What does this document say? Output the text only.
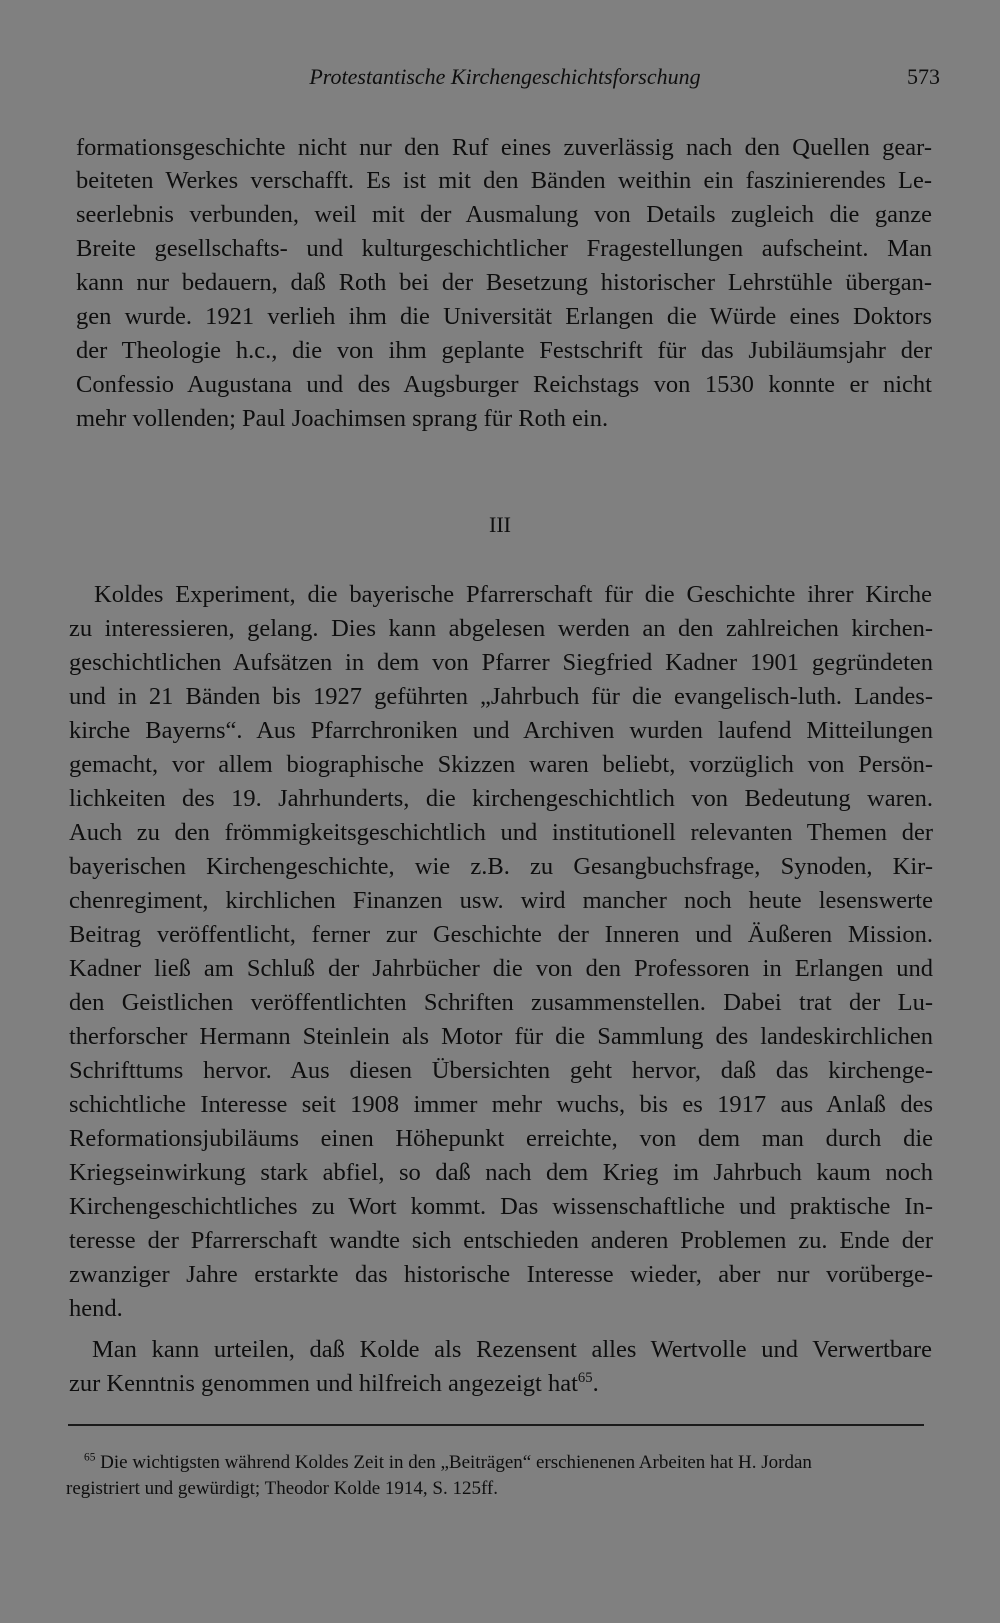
Protestantische Kirchengeschichtsforschung	573
formationsgeschichte nicht nur den Ruf eines zuverlässig nach den Quellen gear-
beiteten Werkes verschafft. Es ist mit den Bänden weithin ein faszinierendes Le-
seerlebnis verbunden, weil mit der Ausmalung von Details zugleich die ganze
Breite gesellschafts- und kulturgeschichtlicher Fragestellungen aufscheint. Man
kann nur bedauern, daß Roth bei der Besetzung historischer Lehrstühle übergan-
gen wurde. 1921 verlieh ihm die Universität Erlangen die Würde eines Doktors
der Theologie h.c., die von ihm geplante Festschrift für das Jubiläumsjahr der
Confessio Augustana und des Augsburger Reichstags von 1530 konnte er nicht
mehr vollenden; Paul Joachimsen sprang für Roth ein.
III
Koldes Experiment, die bayerische Pfarrerschaft für die Geschichte ihrer Kirche
zu interessieren, gelang. Dies kann abgelesen werden an den zahlreichen kirchen-
geschichtlichen Aufsätzen in dem von Pfarrer Siegfried Kadner 1901 gegründeten
und in 21 Bänden bis 1927 geführten „Jahrbuch für die evangelisch-luth. Landes-
kirche Bayerns“. Aus Pfarrchroniken und Archiven wurden laufend Mitteilungen
gemacht, vor allem biographische Skizzen waren beliebt, vorzüglich von Persön-
lichkeiten des 19. Jahrhunderts, die kirchengeschichtlich von Bedeutung waren.
Auch zu den frömmigkeitsgeschichtlich und institutionell relevanten Themen der
bayerischen Kirchengeschichte, wie z.B. zu Gesangbuchsfrage, Synoden, Kir-
chenregiment, kirchlichen Finanzen usw. wird mancher noch heute lesenswerte
Beitrag veröffentlicht, ferner zur Geschichte der Inneren und Äußeren Mission.
Kadner ließ am Schluß der Jahrbücher die von den Professoren in Erlangen und
den Geistlichen veröffentlichten Schriften zusammenstellen. Dabei trat der Lu-
therforscher Hermann Steinlein als Motor für die Sammlung des landeskirchlichen
Schrifttums hervor. Aus diesen Übersichten geht hervor, daß das kirchenge-
schichtliche Interesse seit 1908 immer mehr wuchs, bis es 1917 aus Anlaß des
Reformationsjubiläums einen Höhepunkt erreichte, von dem man durch die
Kriegseinwirkung stark abfiel, so daß nach dem Krieg im Jahrbuch kaum noch
Kirchengeschichtliches zu Wort kommt. Das wissenschaftliche und praktische In-
teresse der Pfarrerschaft wandte sich entschieden anderen Problemen zu. Ende der
zwanziger Jahre erstarkte das historische Interesse wieder, aber nur vorüberge-
hend.
Man kann urteilen, daß Kolde als Rezensent alles Wertvolle und Verwertbare
zur Kenntnis genommen und hilfreich angezeigt hat$^{65}$.
$^{65}$ Die wichtigsten während Koldes Zeit in den „Beiträgen“ erschienenen Arbeiten hat H. Jordan
registriert und gewürdigt; Theodor Kolde 1914, S. 125ff.
